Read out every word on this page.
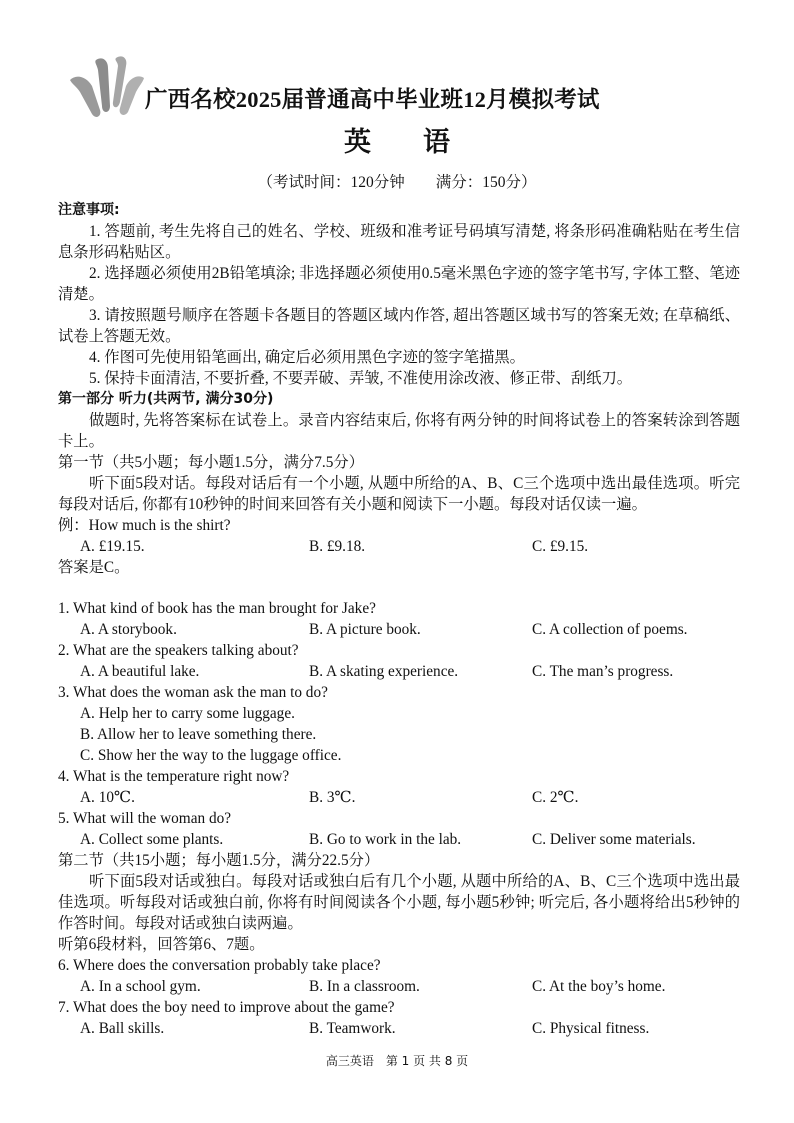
广西名校2025届普通高中毕业班12月模拟考试
英 语
（考试时间：120分钟　　满分：150分）
注意事项:
1. 答题前, 考生先将自己的姓名、学校、班级和准考证号码填写清楚, 将条形码准确粘贴在考生信息条形码粘贴区。
2. 选择题必须使用2B铅笔填涂; 非选择题必须使用0.5毫米黑色字迹的签字笔书写, 字体工整、笔迹清楚。
3. 请按照题号顺序在答题卡各题目的答题区域内作答, 超出答题区域书写的答案无效; 在草稿纸、试卷上答题无效。
4. 作图可先使用铅笔画出, 确定后必须用黑色字迹的签字笔描黑。
5. 保持卡面清洁, 不要折叠, 不要弄破、弄皱, 不准使用涂改液、修正带、刮纸刀。
第一部分 听力(共两节, 满分30分)
做题时, 先将答案标在试卷上。录音内容结束后, 你将有两分钟的时间将试卷上的答案转涂到答题卡上。
第一节（共5小题；每小题1.5分，满分7.5分）
听下面5段对话。每段对话后有一个小题, 从题中所给的A、B、C三个选项中选出最佳选项。听完每段对话后, 你都有10秒钟的时间来回答有关小题和阅读下一小题。每段对话仅读一遍。
例：How much is the shirt?
A. £19.15.	B. £9.18.	C. £9.15.
答案是C。
1. What kind of book has the man brought for Jake?
A. A storybook.	B. A picture book.	C. A collection of poems.
2. What are the speakers talking about?
A. A beautiful lake.	B. A skating experience.	C. The man’s progress.
3. What does the woman ask the man to do?
A. Help her to carry some luggage.
B. Allow her to leave something there.
C. Show her the way to the luggage office.
4. What is the temperature right now?
A. 10℃.	B. 3℃.	C. 2℃.
5. What will the woman do?
A. Collect some plants.	B. Go to work in the lab.	C. Deliver some materials.
第二节（共15小题；每小题1.5分，满分22.5分）
听下面5段对话或独白。每段对话或独白后有几个小题, 从题中所给的A、B、C三个选项中选出最佳选项。听每段对话或独白前, 你将有时间阅读各个小题, 每小题5秒钟; 听完后, 各小题将给出5秒钟的作答时间。每段对话或独白读两遍。
听第6段材料，回答第6、7题。
6. Where does the conversation probably take place?
A. In a school gym.	B. In a classroom.	C. At the boy’s home.
7. What does the boy need to improve about the game?
A. Ball skills.	B. Teamwork.	C. Physical fitness.
高三英语　第 1 页 共 8 页
